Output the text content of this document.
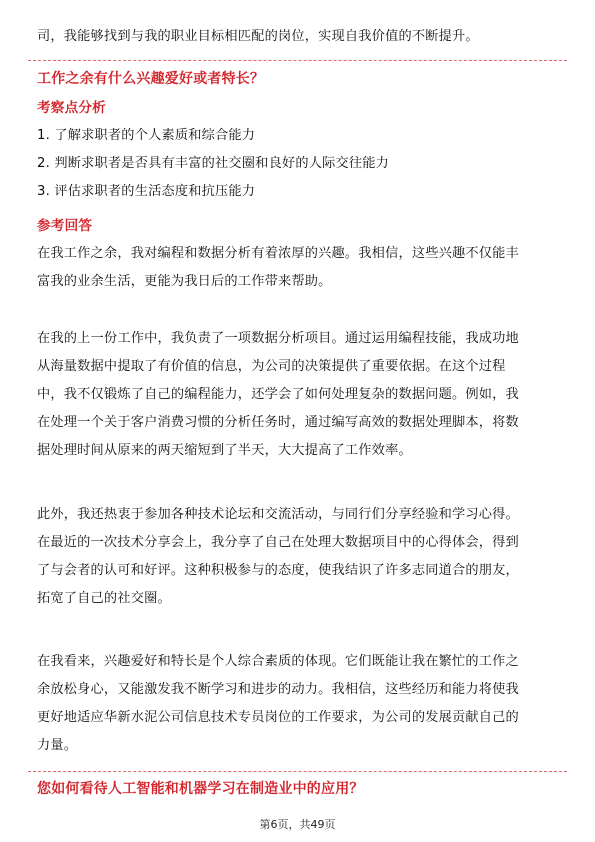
司，我能够找到与我的职业目标相匹配的岗位，实现自我价值的不断提升。
工作之余有什么兴趣爱好或者特长？
考察点分析
1. 了解求职者的个人素质和综合能力
2. 判断求职者是否具有丰富的社交圈和良好的人际交往能力
3. 评估求职者的生活态度和抗压能力
参考回答
在我工作之余，我对编程和数据分析有着浓厚的兴趣。我相信，这些兴趣不仅能丰
富我的业余生活，更能为我日后的工作带来帮助。
在我的上一份工作中，我负责了一项数据分析项目。通过运用编程技能，我成功地
从海量数据中提取了有价值的信息，为公司的决策提供了重要依据。在这个过程
中，我不仅锻炼了自己的编程能力，还学会了如何处理复杂的数据问题。例如，我
在处理一个关于客户消费习惯的分析任务时，通过编写高效的数据处理脚本，将数
据处理时间从原来的两天缩短到了半天，大大提高了工作效率。
此外，我还热衷于参加各种技术论坛和交流活动，与同行们分享经验和学习心得。
在最近的一次技术分享会上，我分享了自己在处理大数据项目中的心得体会，得到
了与会者的认可和好评。这种积极参与的态度，使我结识了许多志同道合的朋友，
拓宽了自己的社交圈。
在我看来，兴趣爱好和特长是个人综合素质的体现。它们既能让我在繁忙的工作之
余放松身心，又能激发我不断学习和进步的动力。我相信，这些经历和能力将使我
更好地适应华新水泥公司信息技术专员岗位的工作要求，为公司的发展贡献自己的
力量。
您如何看待人工智能和机器学习在制造业中的应用？
第6页，共49页
